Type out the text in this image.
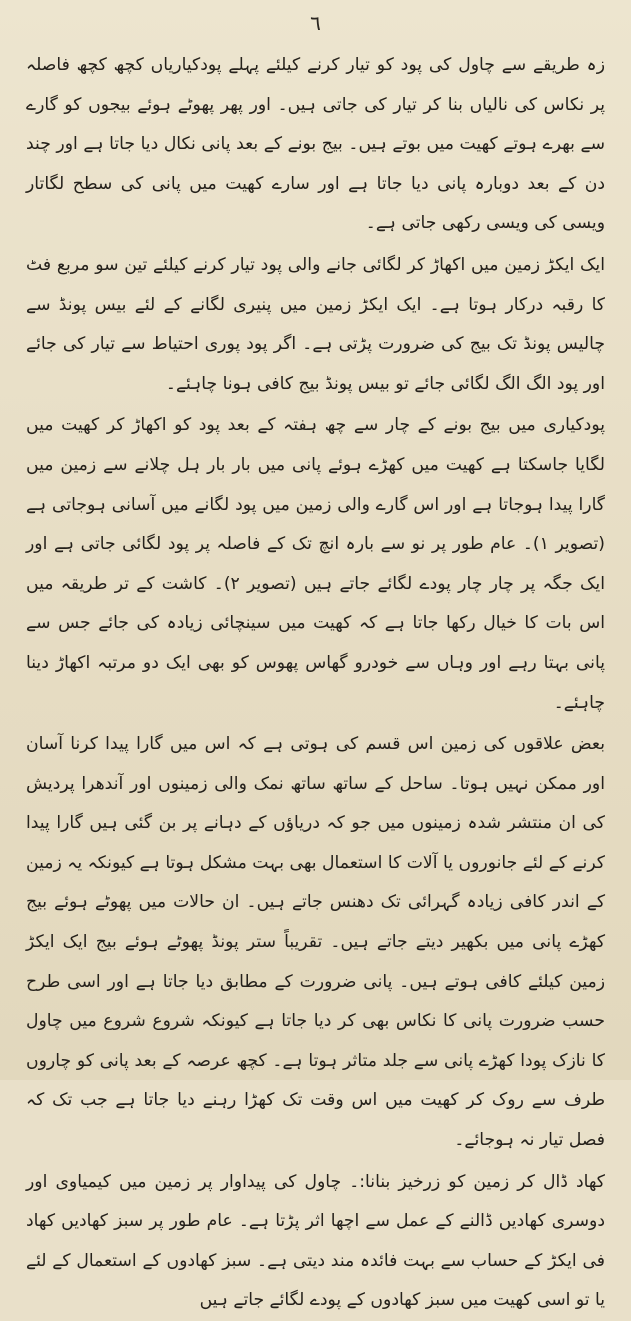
٦

زہ طریقے سے چاول کی پود کو تیار کرنے کیلئے پہلے پودکیاریاں کچھ کچھ فاصلہ پر نکاس کی نالیاں بنا کر تیار کی جاتی ہیں۔ اور پھر پھوٹے ہوئے بیجوں کو گارے سے بھرے ہوتے کھیت میں بوتے ہیں۔ بیج بونے کے بعد پانی نکال دیا جاتا ہے اور چند دن کے بعد دوبارہ پانی دیا جاتا ہے اور سارے کھیت میں پانی کی سطح لگاتار ویسی کی ویسی رکھی جاتی ہے۔

ایک ایکڑ زمین میں اکھاڑ کر لگائی جانے والی پود تیار کرنے کیلئے تین سو مربع فٹ کا رقبہ درکار ہوتا ہے۔ ایک ایکڑ زمین میں پنیری لگانے کے لئے بیس پونڈ سے چالیس پونڈ تک بیج کی ضرورت پڑتی ہے۔ اگر پود پوری احتیاط سے تیار کی جائے اور پود الگ الگ لگائی جائے تو بیس پونڈ بیج کافی ہونا چاہئے۔

پودکیاری میں بیج بونے کے چار سے چھ ہفتہ کے بعد پود کو اکھاڑ کر کھیت میں لگایا جاسکتا ہے کھیت میں کھڑے ہوئے پانی میں بار بار ہل چلانے سے زمین میں گارا پیدا ہوجاتا ہے اور اس گارے والی زمین میں پود لگانے میں آسانی ہوجاتی ہے (تصویر ۱)۔ عام طور پر نو سے بارہ انچ تک کے فاصلہ پر پود لگائی جاتی ہے اور ایک جگہ پر چار چار پودے لگائے جاتے ہیں (تصویر ۲)۔ کاشت کے تر طریقہ میں اس بات کا خیال رکھا جاتا ہے کہ کھیت میں سینچائی زیادہ کی جائے جس سے پانی بہتا رہے اور وہاں سے خودرو گھاس پھوس کو بھی ایک دو مرتبہ اکھاڑ دینا چاہئے۔

بعض علاقوں کی زمین اس قسم کی ہوتی ہے کہ اس میں گارا پیدا کرنا آسان اور ممکن نہیں ہوتا۔ ساحل کے ساتھ ساتھ نمک والی زمینوں اور آندھرا پردیش کی ان منتشر شدہ زمینوں میں جو کہ دریاؤں کے دہانے پر بن گئی ہیں گارا پیدا کرنے کے لئے جانوروں یا آلات کا استعمال بھی بہت مشکل ہوتا ہے کیونکہ یہ زمین کے اندر کافی زیادہ گہرائی تک دھنس جاتے ہیں۔ ان حالات میں پھوٹے ہوئے بیج کھڑے پانی میں بکھیر دیتے جاتے ہیں۔ تقریباً ستر پونڈ پھوٹے ہوئے بیج ایک ایکڑ زمین کیلئے کافی ہوتے ہیں۔ پانی ضرورت کے مطابق دیا جاتا ہے اور اسی طرح حسب ضرورت پانی کا نکاس بھی کر دیا جاتا ہے کیونکہ شروع شروع میں چاول کا نازک پودا کھڑے پانی سے جلد متاثر ہوتا ہے۔ کچھ عرصہ کے بعد پانی کو چاروں طرف سے روک کر کھیت میں اس وقت تک کھڑا رہنے دیا جاتا ہے جب تک کہ فصل تیار نہ ہوجائے۔

کھاد ڈال کر زمین کو زرخیز بنانا:۔ چاول کی پیداوار پر زمین میں کیمیاوی اور دوسری کھادیں ڈالنے کے عمل سے اچھا اثر پڑتا ہے۔ عام طور پر سبز کھادیں کھاد فی ایکڑ کے حساب سے بہت فائدہ مند دیتی ہے۔ سبز کھادوں کے استعمال کے لئے یا تو اسی کھیت میں سبز کھادوں کے پودے لگائے جاتے ہیں
